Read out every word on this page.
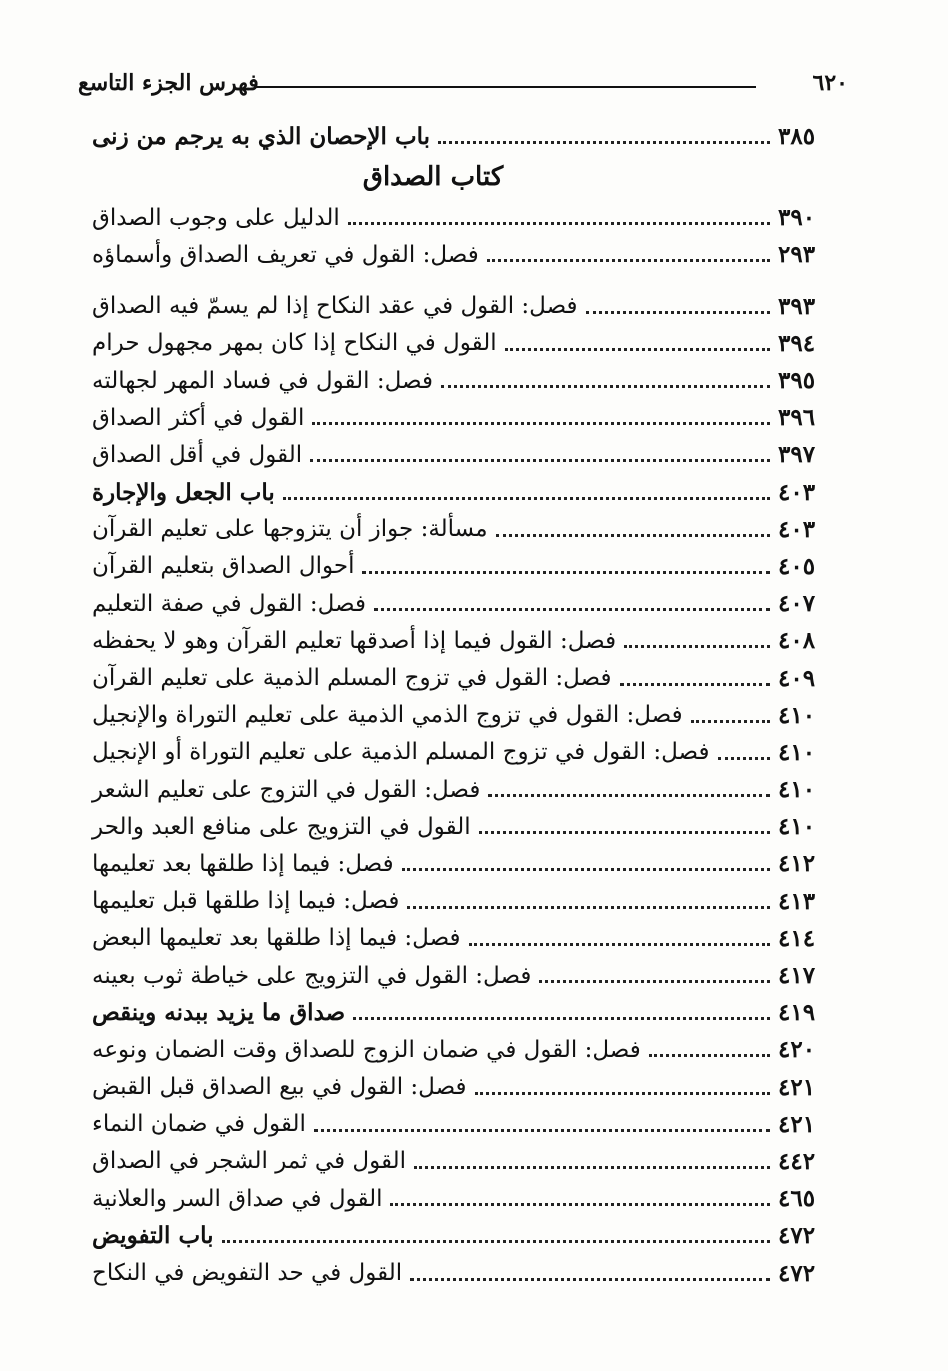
٦٢٠
فهرس الجزء التاسع
باب الإحصان الذي به يرجم من زنى	٣٨٥
كتاب الصداق
الدليل على وجوب الصداق	٣٩٠
فصل: القول في تعريف الصداق وأسماؤه	٢٩٣
فصل: القول في عقد النكاح إذا لم يسمّ فيه الصداق	٣٩٣
القول في النكاح إذا كان بمهر مجهول حرام	٣٩٤
فصل: القول في فساد المهر لجهالته	٣٩٥
القول في أكثر الصداق	٣٩٦
القول في أقل الصداق	٣٩٧
باب الجعل والإجارة	٤٠٣
مسألة: جواز أن يتزوجها على تعليم القرآن	٤٠٣
أحوال الصداق بتعليم القرآن	٤٠٥
فصل: القول في صفة التعليم	٤٠٧
فصل: القول فيما إذا أصدقها تعليم القرآن وهو لا يحفظه	٤٠٨
فصل: القول في تزوج المسلم الذمية على تعليم القرآن	٤٠٩
فصل: القول في تزوج الذمي الذمية على تعليم التوراة والإنجيل	٤١٠
فصل: القول في تزوج المسلم الذمية على تعليم التوراة أو الإنجيل	٤١٠
فصل: القول في التزوج على تعليم الشعر	٤١٠
القول في التزويج على منافع العبد والحر	٤١٠
فصل: فيما إذا طلقها بعد تعليمها	٤١٢
فصل: فيما إذا طلقها قبل تعليمها	٤١٣
فصل: فيما إذا طلقها بعد تعليمها البعض	٤١٤
فصل: القول في التزويج على خياطة ثوب بعينه	٤١٧
صداق ما يزيد ببدنه وينقص	٤١٩
فصل: القول في ضمان الزوج للصداق وقت الضمان ونوعه	٤٢٠
فصل: القول في بيع الصداق قبل القبض	٤٢١
القول في ضمان النماء	٤٢١
القول في ثمر الشجر في الصداق	٤٤٢
القول في صداق السر والعلانية	٤٦٥
باب التفويض	٤٧٢
القول في حد التفويض في النكاح	٤٧٢
